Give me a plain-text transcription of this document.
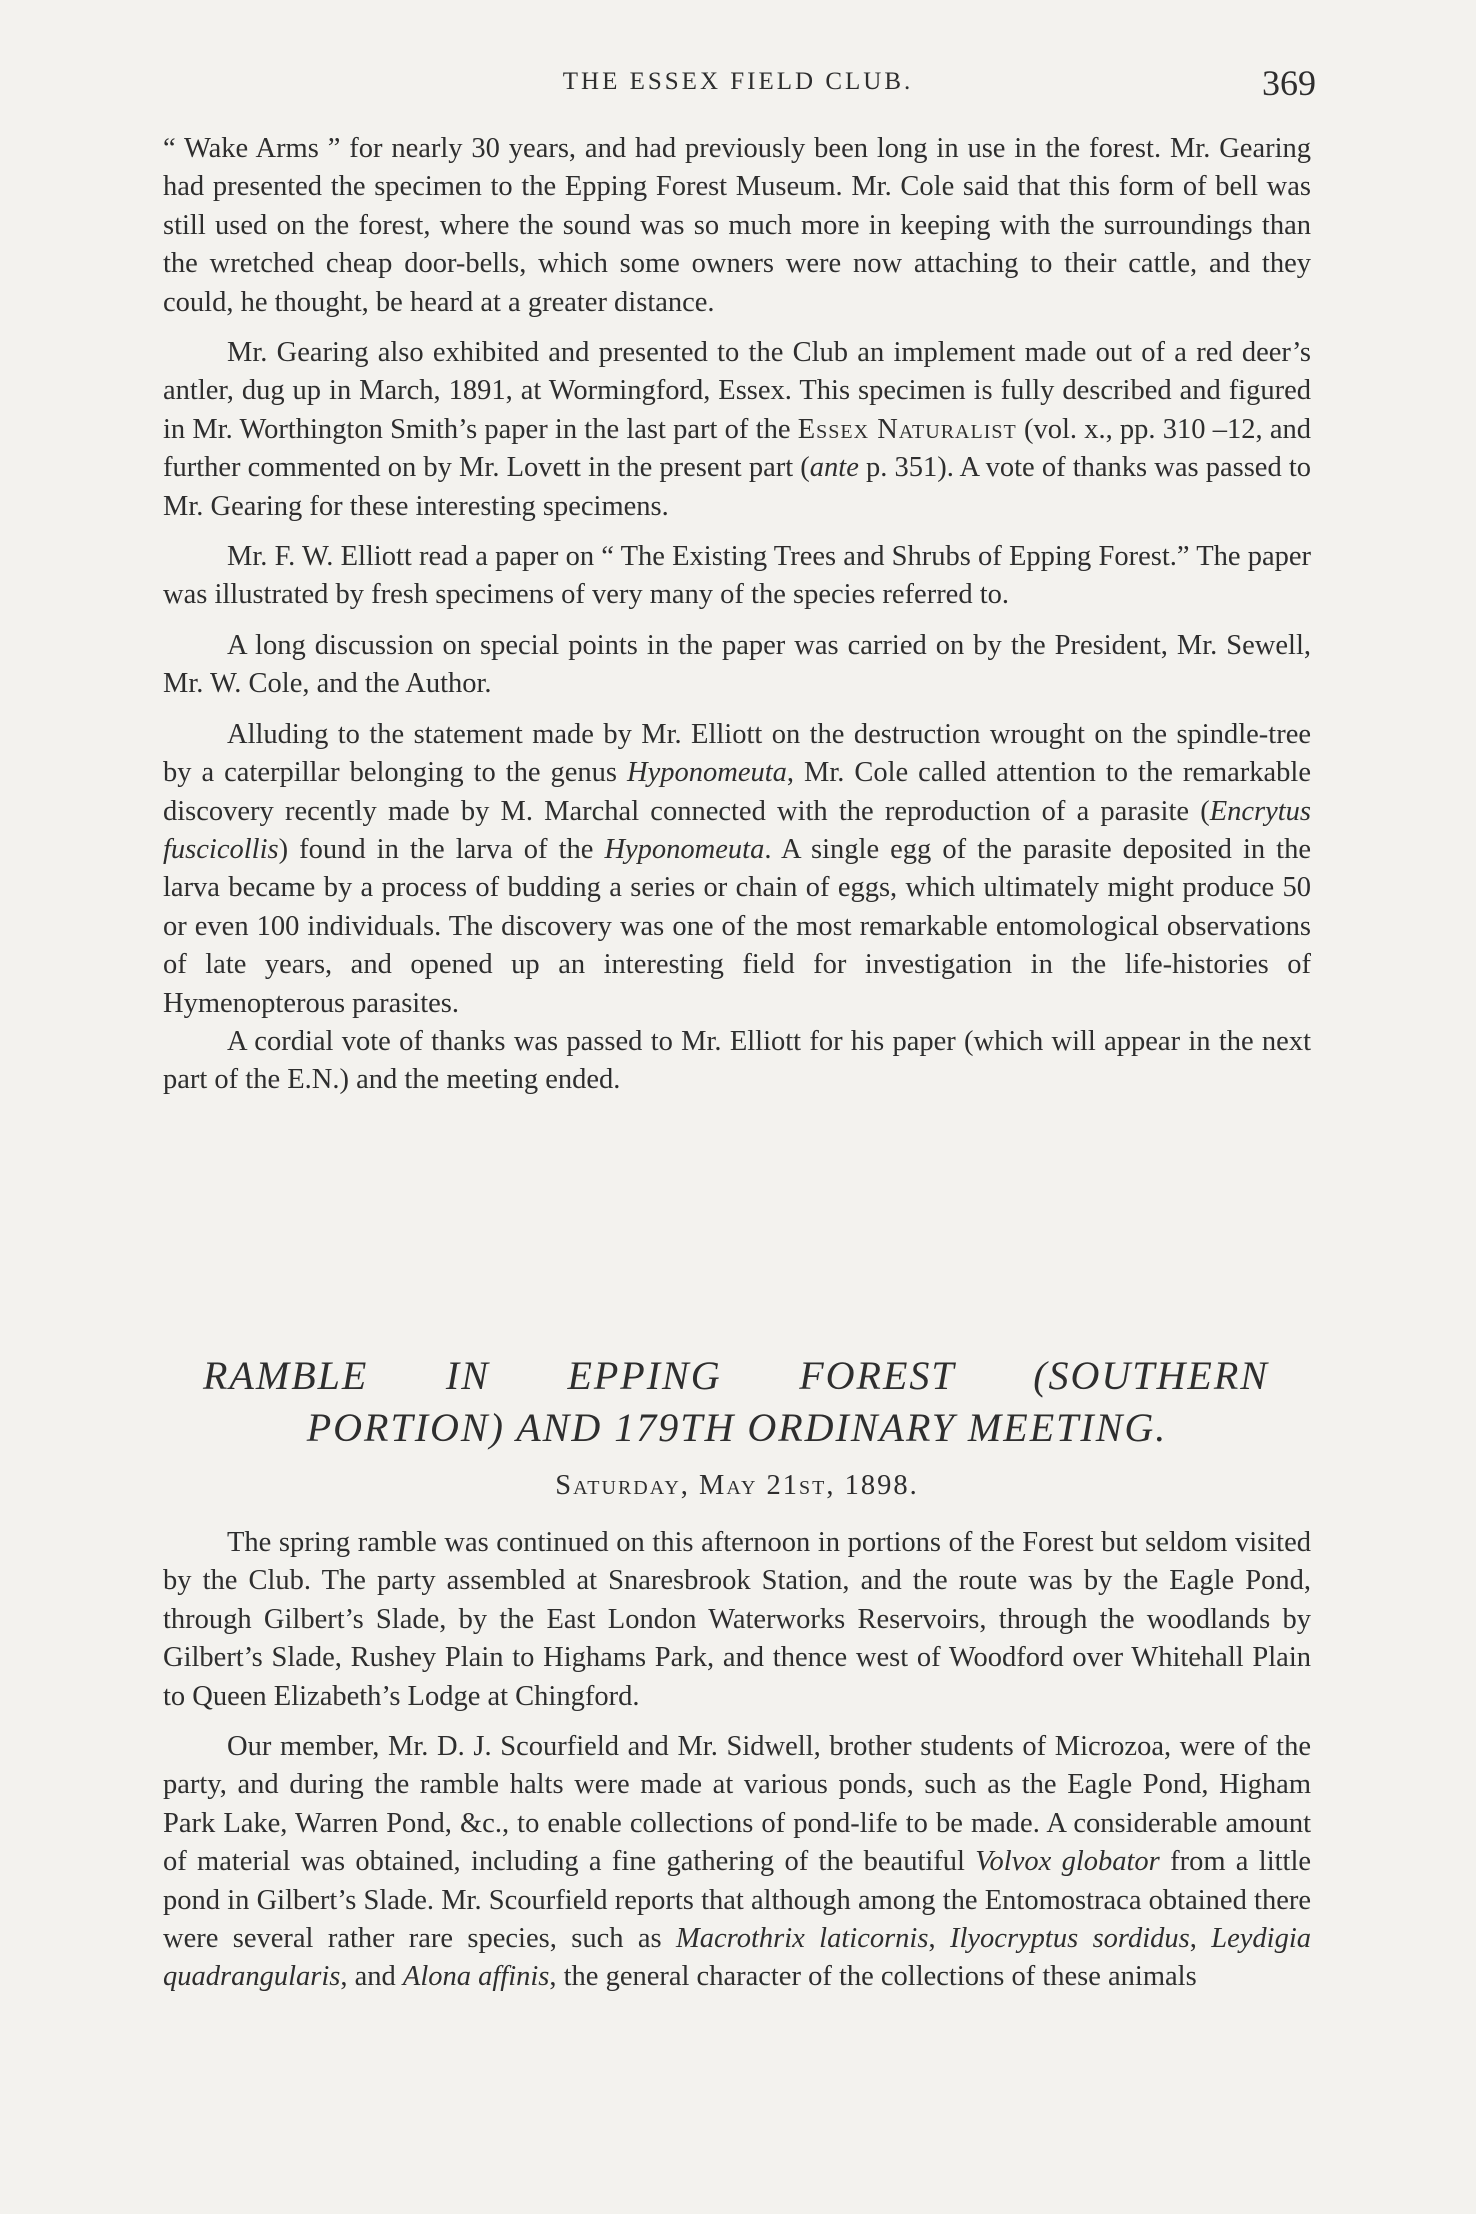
THE ESSEX FIELD CLUB.	369

“ Wake Arms ” for nearly 30 years, and had previously been long in use in the forest. Mr. Gearing had presented the specimen to the Epping Forest Museum. Mr. Cole said that this form of bell was still used on the forest, where the sound was so much more in keeping with the surroundings than the wretched cheap door-bells, which some owners were now attaching to their cattle, and they could, he thought, be heard at a greater distance.

Mr. Gearing also exhibited and presented to the Club an implement made out of a red deer’s antler, dug up in March, 1891, at Wormingford, Essex. This specimen is fully described and figured in Mr. Worthington Smith’s paper in the last part of the Essex Naturalist (vol. x., pp. 310 –12, and further commented on by Mr. Lovett in the present part (ante p. 351). A vote of thanks was passed to Mr. Gearing for these interesting specimens.

Mr. F. W. Elliott read a paper on “ The Existing Trees and Shrubs of Epping Forest.” The paper was illustrated by fresh specimens of very many of the species referred to.

A long discussion on special points in the paper was carried on by the President, Mr. Sewell, Mr. W. Cole, and the Author.

Alluding to the statement made by Mr. Elliott on the destruction wrought on the spindle-tree by a caterpillar belonging to the genus Hyponomeuta, Mr. Cole called attention to the remarkable discovery recently made by M. Marchal connected with the reproduction of a parasite (Encrytus fuscicollis) found in the larva of the Hyponomeuta. A single egg of the parasite deposited in the larva became by a process of budding a series or chain of eggs, which ultimately might produce 50 or even 100 individuals. The discovery was one of the most remarkable entomological observations of late years, and opened up an interesting field for investigation in the life-histories of Hymenopterous parasites.

A cordial vote of thanks was passed to Mr. Elliott for his paper (which will appear in the next part of the E.N.) and the meeting ended.

RAMBLE IN EPPING FOREST (SOUTHERN
PORTION) AND 179TH ORDINARY MEETING.
Saturday, May 21st, 1898.

The spring ramble was continued on this afternoon in portions of the Forest but seldom visited by the Club. The party assembled at Snaresbrook Station, and the route was by the Eagle Pond, through Gilbert’s Slade, by the East London Waterworks Reservoirs, through the woodlands by Gilbert’s Slade, Rushey Plain to Highams Park, and thence west of Woodford over Whitehall Plain to Queen Elizabeth’s Lodge at Chingford.

Our member, Mr. D. J. Scourfield and Mr. Sidwell, brother students of Microzoa, were of the party, and during the ramble halts were made at various ponds, such as the Eagle Pond, Higham Park Lake, Warren Pond, &c., to enable collections of pond-life to be made. A considerable amount of material was obtained, including a fine gathering of the beautiful Volvox globator from a little pond in Gilbert’s Slade. Mr. Scourfield reports that although among the Entomostraca obtained there were several rather rare species, such as Macrothrix laticornis, Ilyocryptus sordidus, Leydigia quadrangularis, and Alona affinis, the general character of the collections of these animals
